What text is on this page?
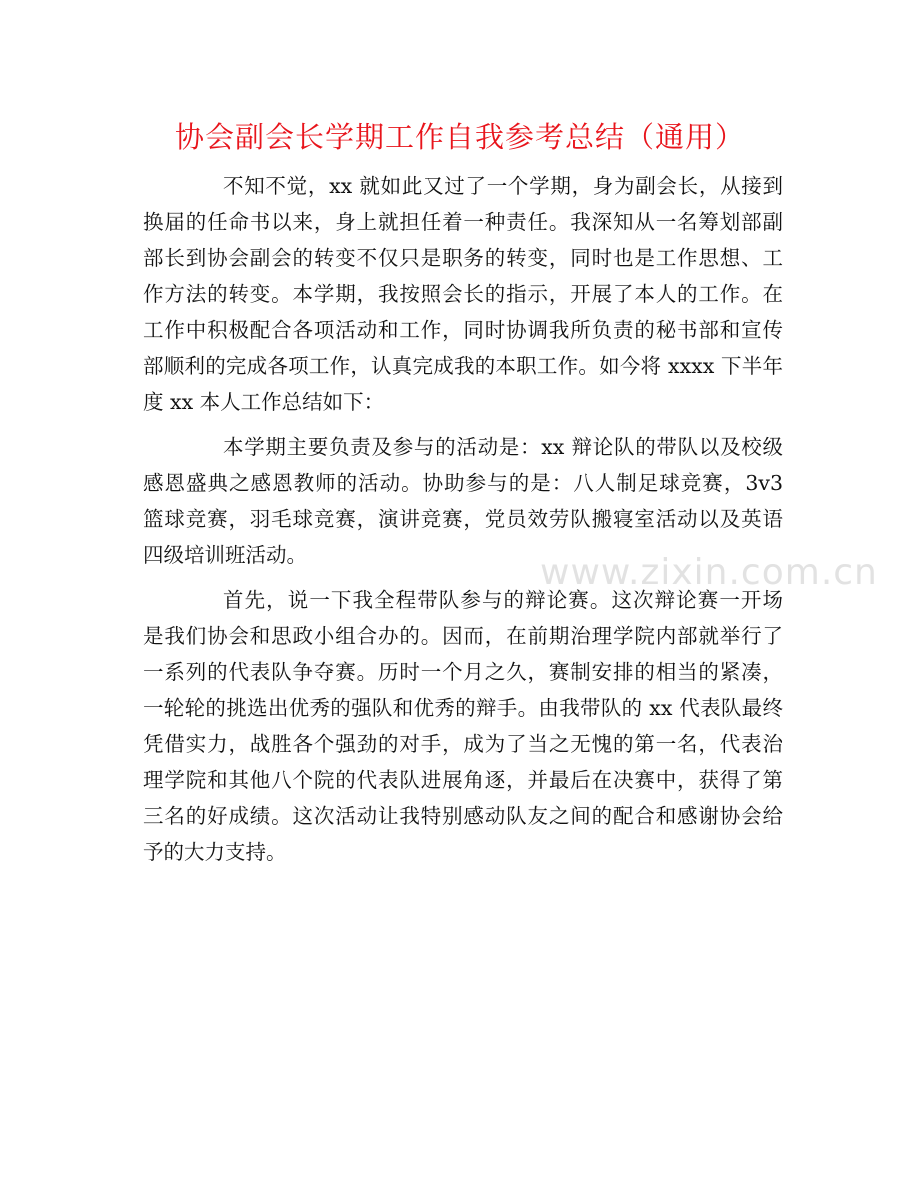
协会副会长学期工作自我参考总结（通用）
不知不觉，xx 就如此又过了一个学期，身为副会长，从接到
换届的任命书以来，身上就担任着一种责任。我深知从一名筹划部副
部长到协会副会的转变不仅只是职务的转变，同时也是工作思想、工
作方法的转变。本学期，我按照会长的指示，开展了本人的工作。在
工作中积极配合各项活动和工作，同时协调我所负责的秘书部和宣传
部顺利的完成各项工作，认真完成我的本职工作。如今将 xxxx 下半年
度 xx 本人工作总结如下：
本学期主要负责及参与的活动是：xx 辩论队的带队以及校级
感恩盛典之感恩教师的活动。协助参与的是：八人制足球竞赛，3v3
篮球竞赛，羽毛球竞赛，演讲竞赛，党员效劳队搬寝室活动以及英语
四级培训班活动。
首先，说一下我全程带队参与的辩论赛。这次辩论赛一开场
是我们协会和思政小组合办的。因而，在前期治理学院内部就举行了
一系列的代表队争夺赛。历时一个月之久，赛制安排的相当的紧凑，
一轮轮的挑选出优秀的强队和优秀的辩手。由我带队的 xx 代表队最终
凭借实力，战胜各个强劲的对手，成为了当之无愧的第一名，代表治
理学院和其他八个院的代表队进展角逐，并最后在决赛中，获得了第
三名的好成绩。这次活动让我特别感动队友之间的配合和感谢协会给
予的大力支持。
www.zixin.com.cn
